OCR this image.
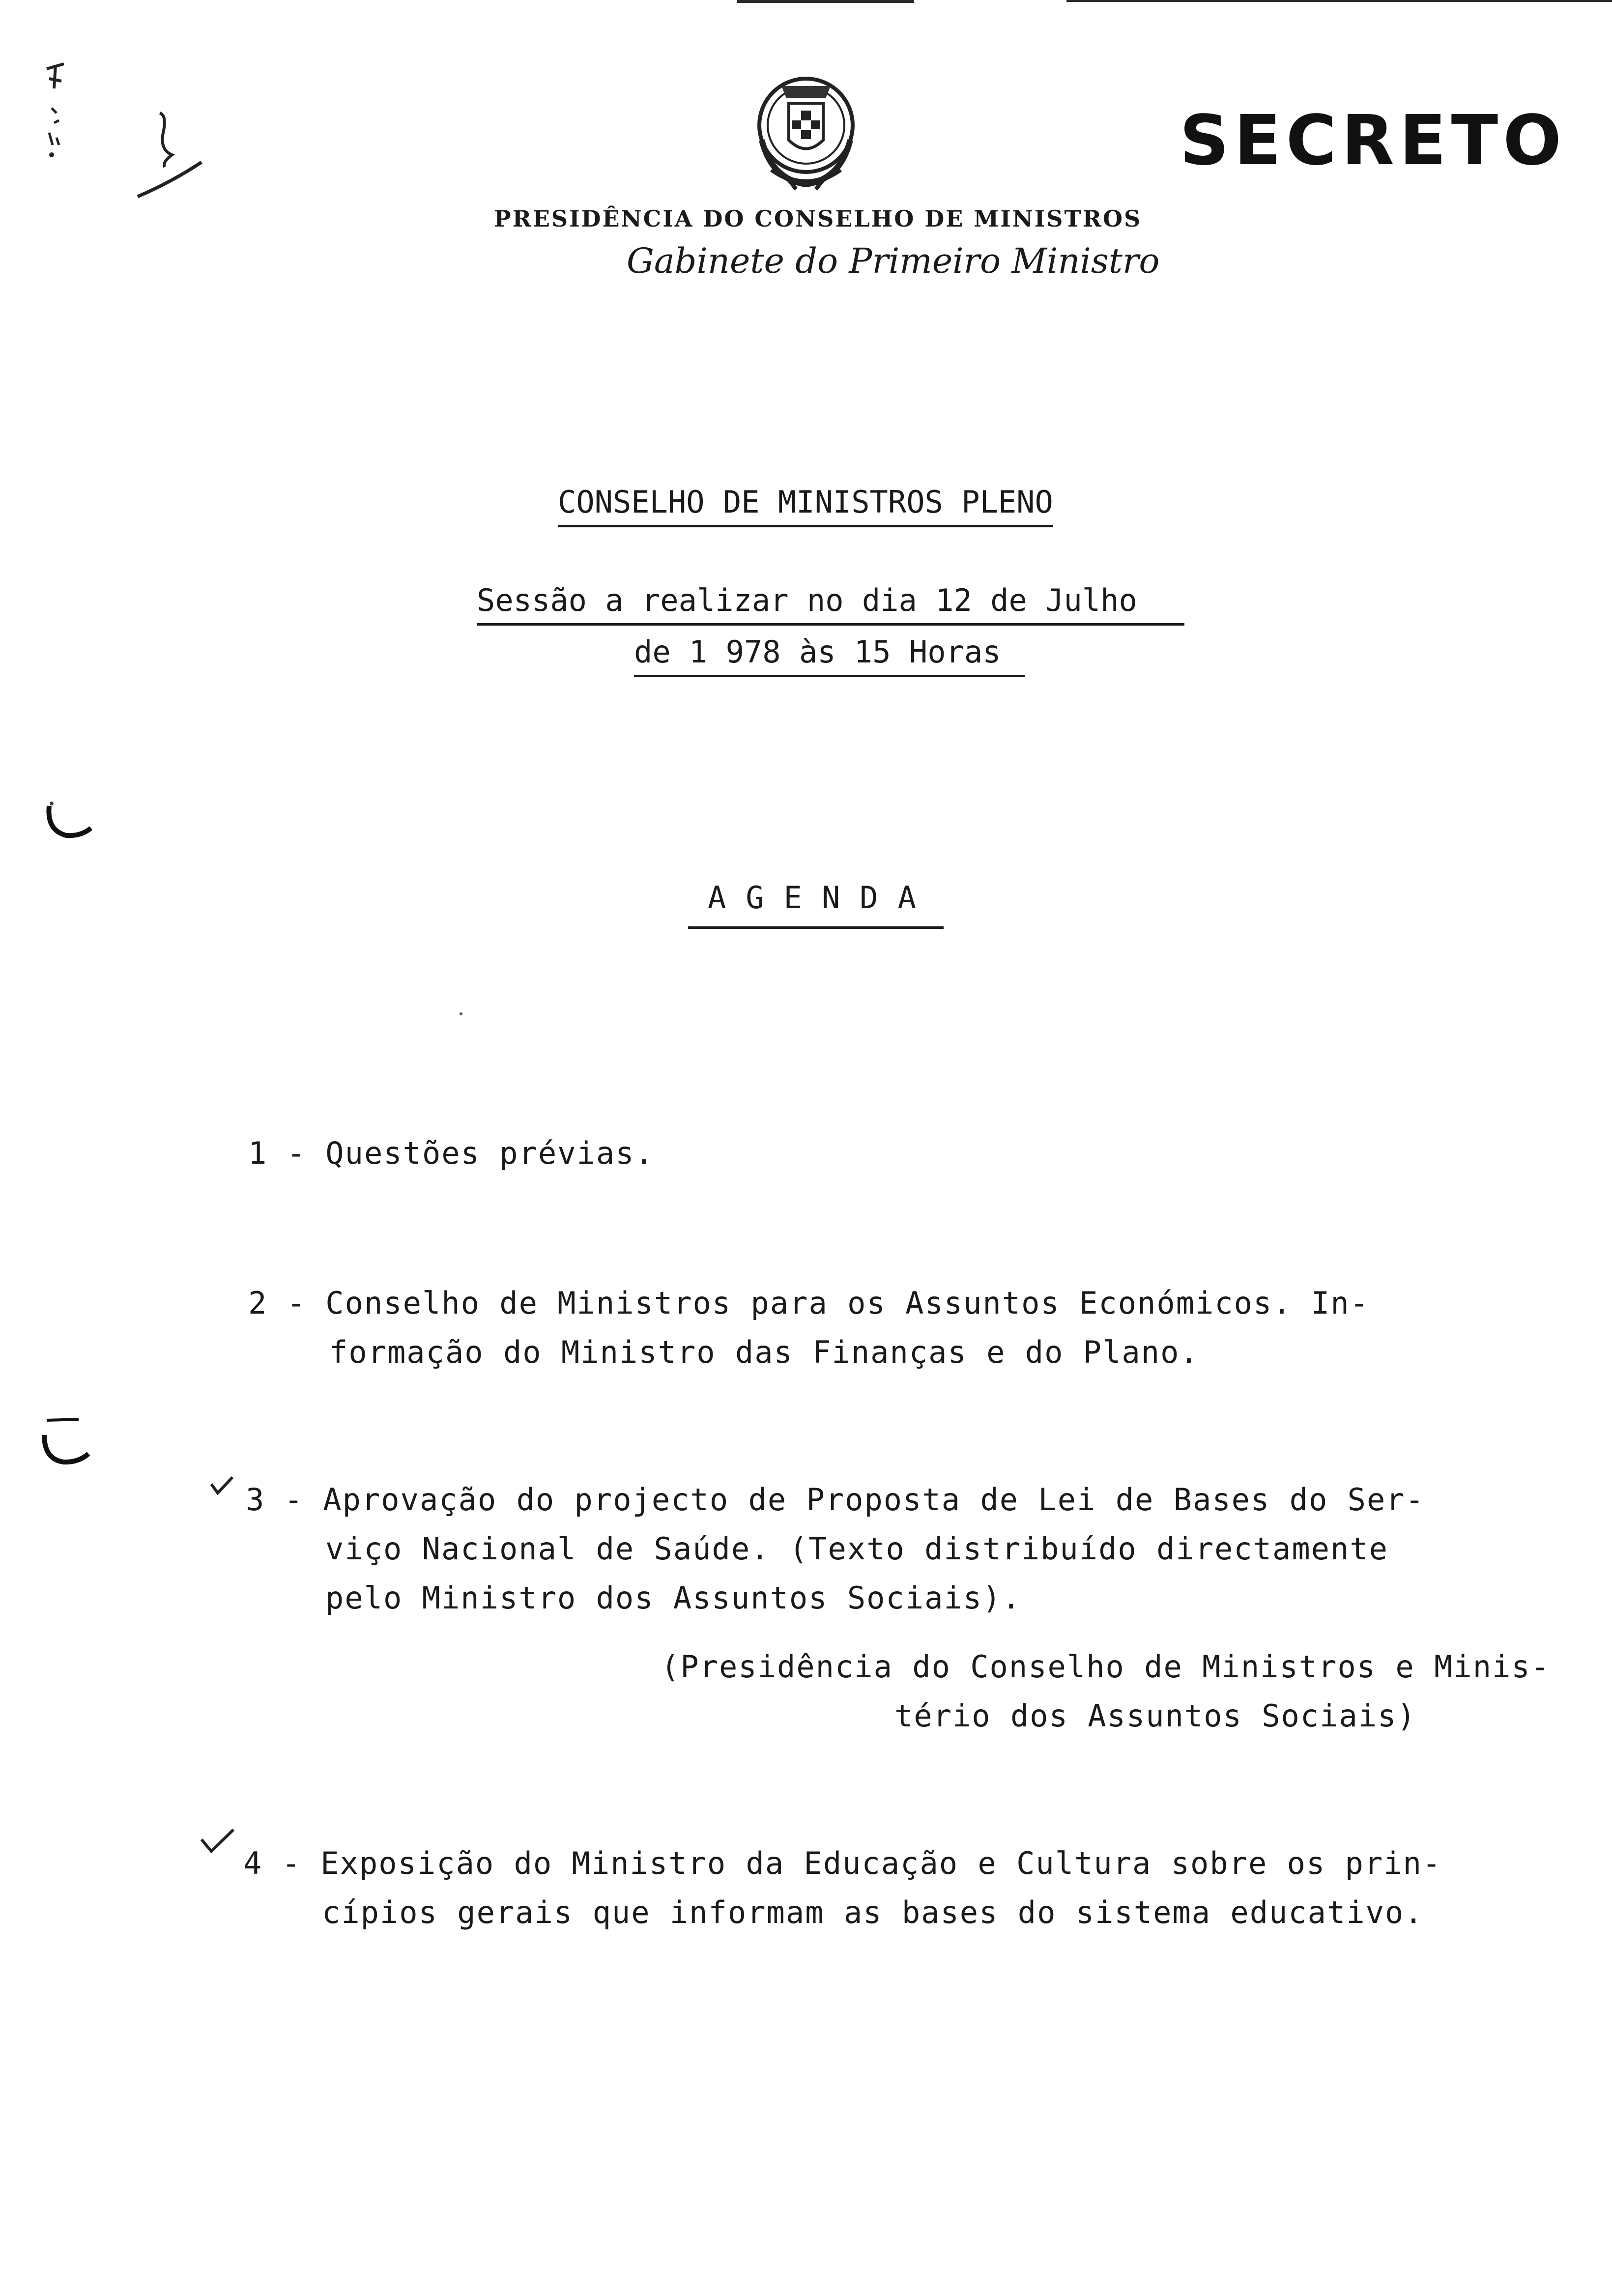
SECRETO
PRESIDÊNCIA DO CONSELHO DE MINISTROS
Gabinete do Primeiro Ministro
CONSELHO DE MINISTROS PLENO
Sessão a realizar no dia 12 de Julho
de 1 978 às 15 Horas
AGENDA
1 - Questões prévias.
2 - Conselho de Ministros para os Assuntos Económicos. In-
formação do Ministro das Finanças e do Plano.
3 - Aprovação do projecto de Proposta de Lei de Bases do Ser-
viço Nacional de Saúde. (Texto distribuído directamente
pelo Ministro dos Assuntos Sociais).
(Presidência do Conselho de Ministros e Minis-
tério dos Assuntos Sociais)
4 - Exposição do Ministro da Educação e Cultura sobre os prin-
cípios gerais que informam as bases do sistema educativo.
